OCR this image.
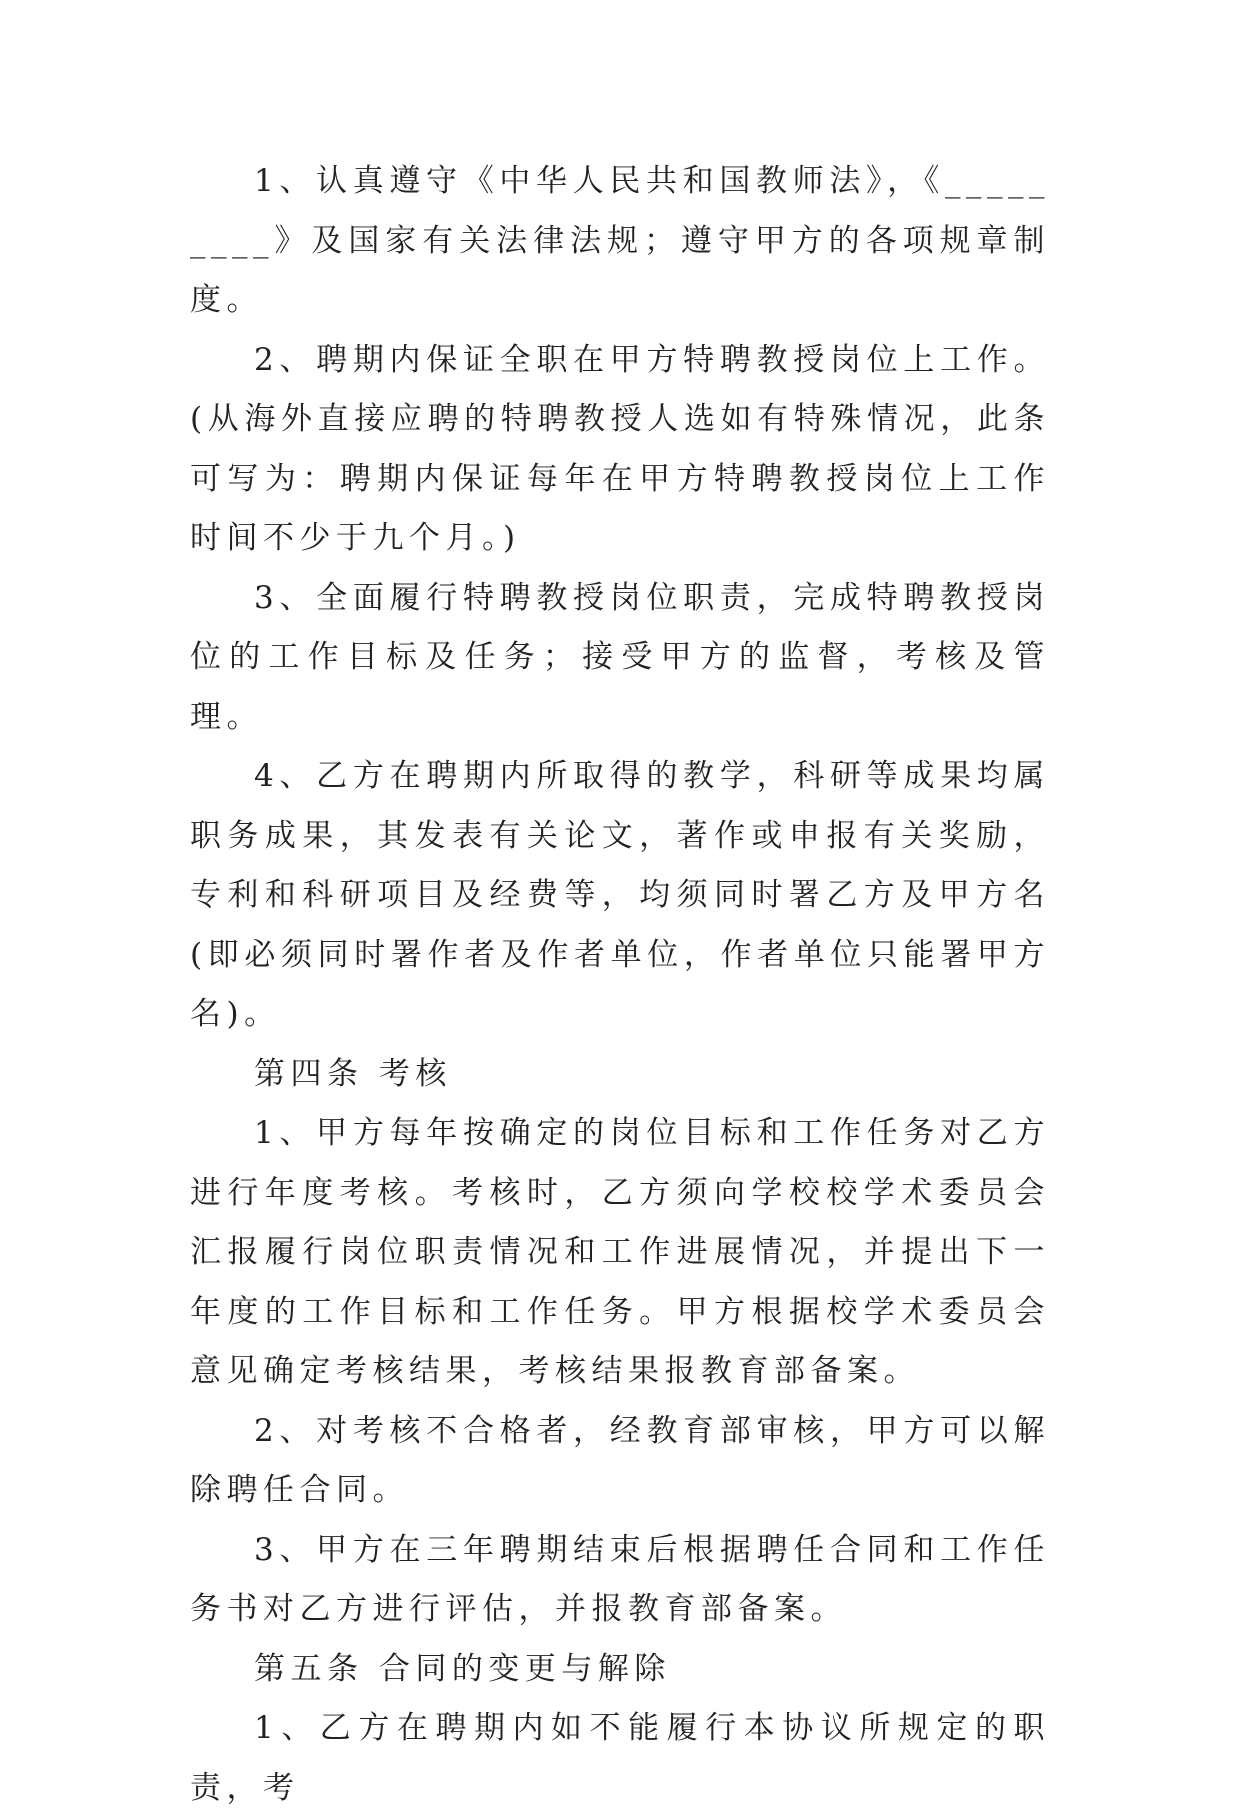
1、认真遵守《中华人民共和国教师法》，《_________》及国家有关法律法规；遵守甲方的各项规章制度。

2、聘期内保证全职在甲方特聘教授岗位上工作。(从海外直接应聘的特聘教授人选如有特殊情况，此条可写为：聘期内保证每年在甲方特聘教授岗位上工作时间不少于九个月。)

3、全面履行特聘教授岗位职责，完成特聘教授岗位的工作目标及任务；接受甲方的监督，考核及管理。

4、乙方在聘期内所取得的教学，科研等成果均属职务成果，其发表有关论文，著作或申报有关奖励，专利和科研项目及经费等，均须同时署乙方及甲方名(即必须同时署作者及作者单位，作者单位只能署甲方名)。

第四条 考核

1、甲方每年按确定的岗位目标和工作任务对乙方进行年度考核。考核时，乙方须向学校校学术委员会汇报履行岗位职责情况和工作进展情况，并提出下一年度的工作目标和工作任务。甲方根据校学术委员会意见确定考核结果，考核结果报教育部备案。

2、对考核不合格者，经教育部审核，甲方可以解除聘任合同。

3、甲方在三年聘期结束后根据聘任合同和工作任务书对乙方进行评估，并报教育部备案。

第五条 合同的变更与解除

1、乙方在聘期内如不能履行本协议所规定的职责，考
